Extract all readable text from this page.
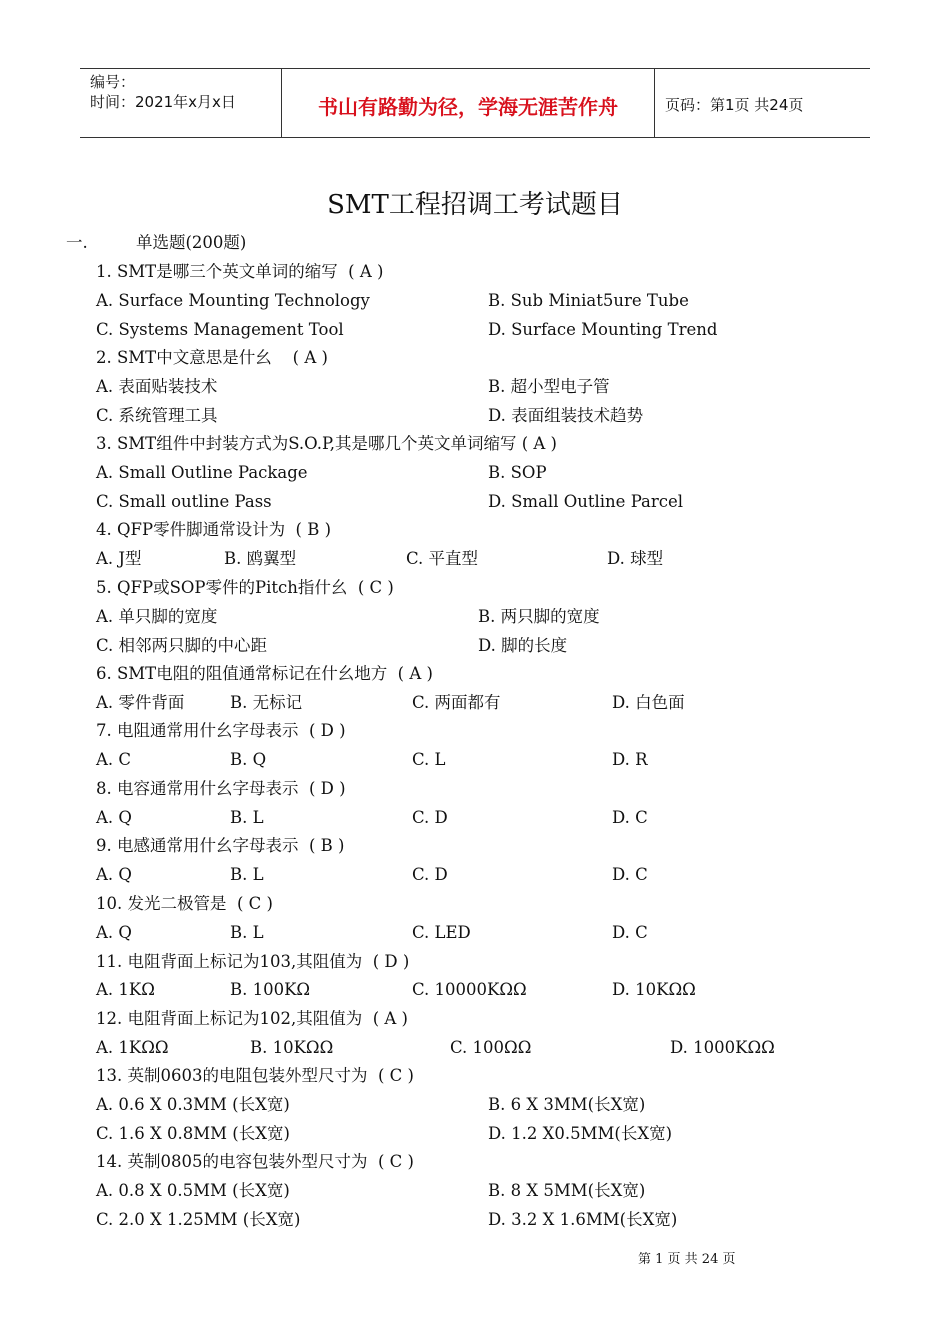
编号：
时间：2021年x月x日	书山有路勤为径，学海无涯苦作舟	页码：第1页 共24页
SMT工程招调工考试题目
一.	单选题(200题)
1. SMT是哪三个英文单词的缩写  ( A )
A. Surface Mounting Technology	B. Sub Miniat5ure Tube
C. Systems Management Tool	D. Surface Mounting Trend
2. SMT中文意思是什幺    ( A )
A. 表面贴装技术	B. 超小型电子管
C. 系统管理工具	D. 表面组装技术趋势
3. SMT组件中封装方式为S.O.P,其是哪几个英文单词缩写 ( A )
A. Small Outline Package	B. SOP
C. Small outline Pass	D. Small Outline Parcel
4. QFP零件脚通常设计为  ( B )
A. J型	B. 鸥翼型	C. 平直型	D. 球型
5. QFP或SOP零件的Pitch指什幺  ( C )
A. 单只脚的宽度	B. 两只脚的宽度
C. 相邻两只脚的中心距	D. 脚的长度
6. SMT电阻的阻值通常标记在什幺地方  ( A )
A. 零件背面	B. 无标记	C. 两面都有	D. 白色面
7. 电阻通常用什幺字母表示  ( D )
A. C	B. Q	C. L	D. R
8. 电容通常用什幺字母表示  ( D )
A. Q	B. L	C. D	D. C
9. 电感通常用什幺字母表示  ( B )
A. Q	B. L	C. D	D. C
10. 发光二极管是  ( C )
A. Q	B. L	C. LED	D. C
11. 电阻背面上标记为103,其阻值为  ( D )
A. 1KΩ	B. 100KΩ	C. 10000KΩΩ	D. 10KΩΩ
12. 电阻背面上标记为102,其阻值为  ( A )
A. 1KΩΩ	B. 10KΩΩ	C. 100ΩΩ	D. 1000KΩΩ
13. 英制0603的电阻包装外型尺寸为  ( C )
A. 0.6 X 0.3MM (长X宽)	B. 6 X 3MM(长X宽)
C. 1.6 X 0.8MM (长X宽)	D. 1.2 X0.5MM(长X宽)
14. 英制0805的电容包装外型尺寸为  ( C )
A. 0.8 X 0.5MM (长X宽)	B. 8 X 5MM(长X宽)
C. 2.0 X 1.25MM (长X宽)	D. 3.2 X 1.6MM(长X宽)
第 1 页 共 24 页
